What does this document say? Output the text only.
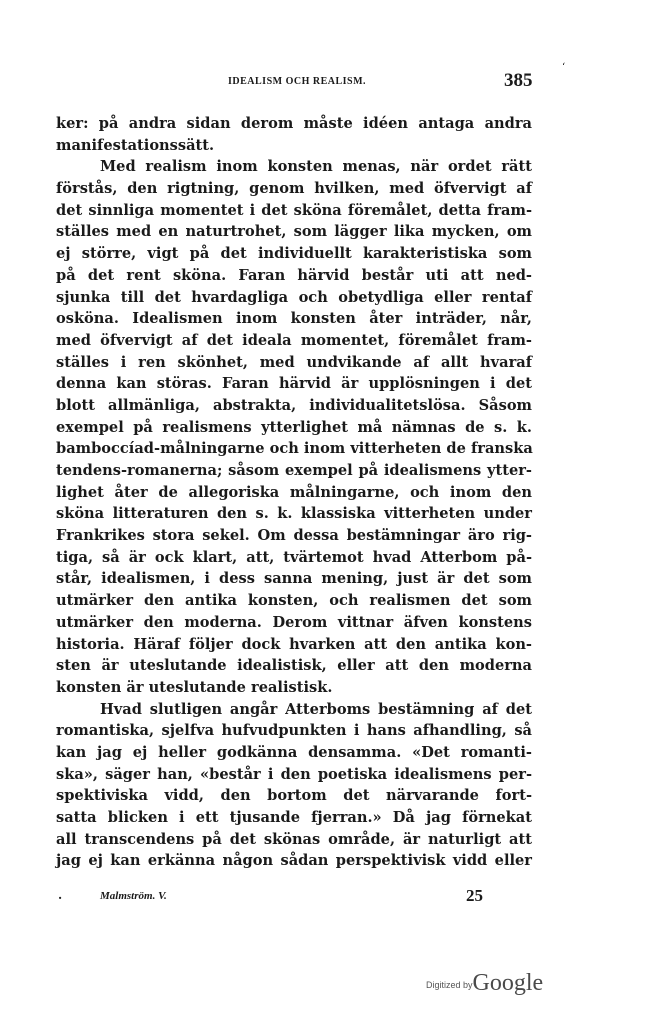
ʻ
IDEALISM OCH REALISM.	385
ker: på andra sidan derom måste idéen antaga andra
manifestationssätt.
Med realism inom konsten menas, när ordet rätt
förstås, den rigtning, genom hvilken, med öfvervigt af
det sinnliga momentet i det sköna föremålet, detta fram-
ställes med en naturtrohet, som lägger lika mycken, om
ej större, vigt på det individuellt karakteristiska som
på det rent sköna. Faran härvid består uti att ned-
sjunka till det hvardagliga och obetydliga eller rentaf
osköna. Idealismen inom konsten åter inträder, når,
med öfvervigt af det ideala momentet, föremålet fram-
ställes i ren skönhet, med undvikande af allt hvaraf
denna kan störas. Faran härvid är upplösningen i det
blott allmänliga, abstrakta, individualitetslösa. Såsom
exempel på realismens ytterlighet må nämnas de s. k.
bamboccíad-målningarne och inom vitterheten de franska
tendens-romanerna; såsom exempel på idealismens ytter-
lighet åter de allegoriska målningarne, och inom den
sköna litteraturen den s. k. klassiska vitterheten under
Frankrikes stora sekel. Om dessa bestämningar äro rig-
tiga, så är ock klart, att, tvärtemot hvad Atterbom på-
står, idealismen, i dess sanna mening, just är det som
utmärker den antika konsten, och realismen det som
utmärker den moderna. Derom vittnar äfven konstens
historia. Häraf följer dock hvarken att den antika kon-
sten är uteslutande idealistisk, eller att den moderna
konsten är uteslutande realistisk.
Hvad slutligen angår Atterboms bestämning af det
romantiska, sjelfva hufvudpunkten i hans afhandling, så
kan jag ej heller godkänna densamma. «Det romanti-
ska», säger han, «består i den poetiska idealismens per-
spektiviska vidd, den bortom det närvarande fort-
satta blicken i ett tjusande fjerran.» Då jag förnekat
all transcendens på det skönas område, är naturligt att
jag ej kan erkänna någon sådan perspektivisk vidd eller
.	Malmström. V.	25
Digitized byGoogle
